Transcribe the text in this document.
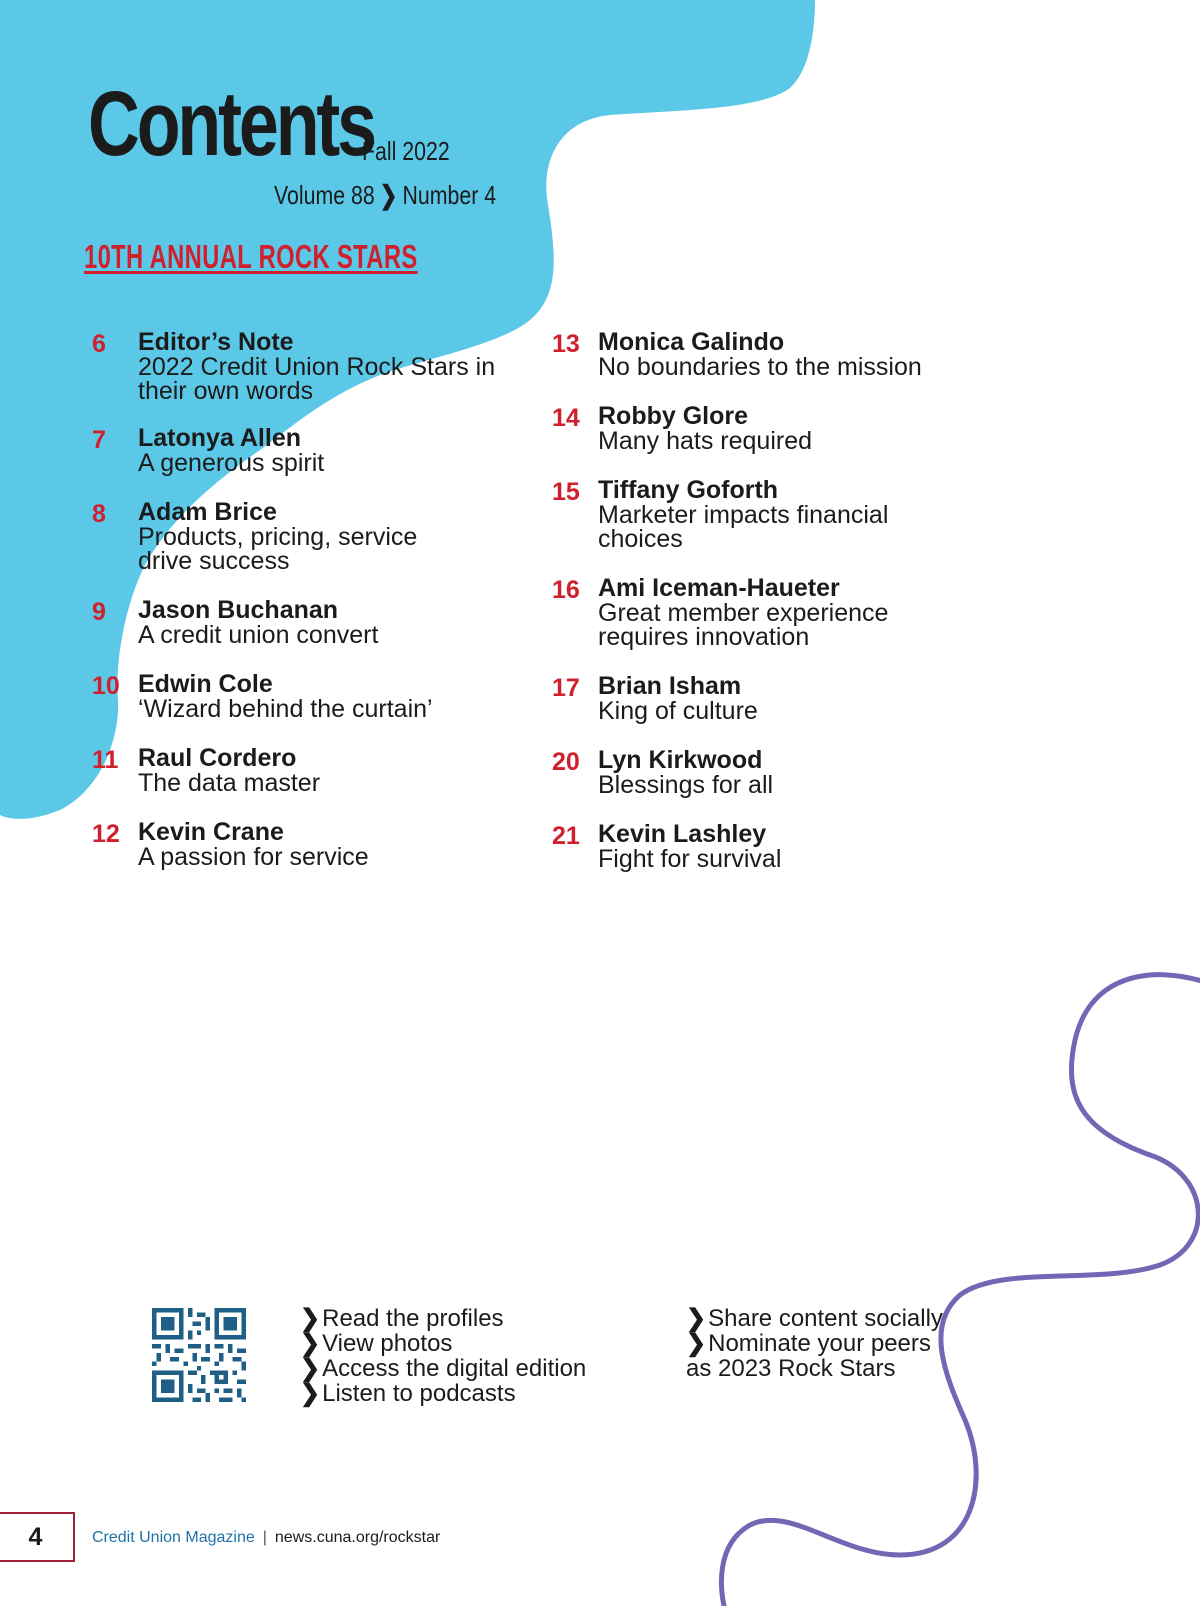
Contents
Fall 2022
Volume 88 ❯ Number 4
10TH ANNUAL ROCK STARS
6 Editor’s Note
2022 Credit Union Rock Stars in
their own words
7 Latonya Allen
A generous spirit
8 Adam Brice
Products, pricing, service
drive success
9 Jason Buchanan
A credit union convert
10 Edwin Cole
‘Wizard behind the curtain’
11 Raul Cordero
The data master
12 Kevin Crane
A passion for service
13 Monica Galindo
No boundaries to the mission
14 Robby Glore
Many hats required
15 Tiffany Goforth
Marketer impacts financial
choices
16 Ami Iceman-Haueter
Great member experience
requires innovation
17 Brian Isham
King of culture
20 Lyn Kirkwood
Blessings for all
21 Kevin Lashley
Fight for survival
❯Read the profiles
❯View photos
❯Access the digital edition
❯Listen to podcasts
❯Share content socially
❯Nominate your peers
as 2023 Rock Stars
4	Credit Union Magazine | news.cuna.org/rockstar
